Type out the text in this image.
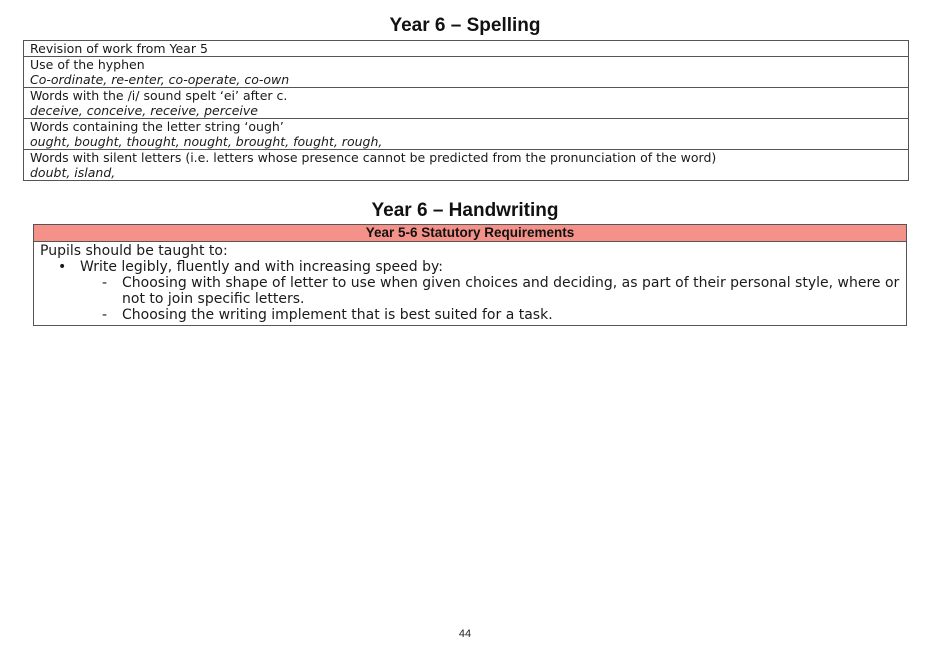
Year 6 – Spelling
Revision of work from Year 5

Use of the hyphen
Co-ordinate, re-enter, co-operate, co-own

Words with the /i/ sound spelt ‘ei’ after c.
deceive, conceive, receive, perceive

Words containing the letter string ‘ough’
ought, bought, thought, nought, brought, fought, rough,

Words with silent letters (i.e. letters whose presence cannot be predicted from the pronunciation of the word)
doubt, island,
Year 6 – Handwriting
Year 5-6 Statutory Requirements

Pupils should be taught to:
• Write legibly, fluently and with increasing speed by:
- Choosing with shape of letter to use when given choices and deciding, as part of their personal style, where or not to join specific letters.
- Choosing the writing implement that is best suited for a task.
44
